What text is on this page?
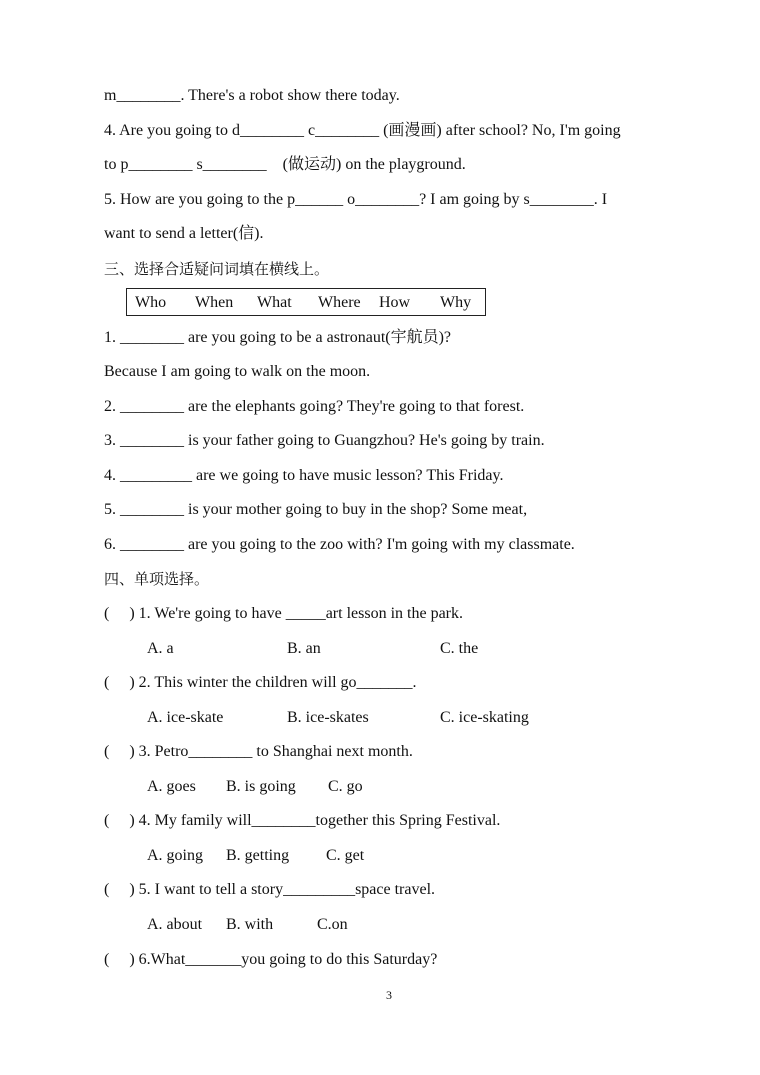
m________. There's a robot show there today.
4. Are you going to d________ c________ (画漫画) after school? No, I'm going
to p________ s________    (做运动) on the playground.
5. How are you going to the p______ o________? I am going by s________. I
want to send a letter(信).
三、选择合适疑问词填在横线上。
Who When What Where How Why
1. ________ are you going to be a astronaut(宇航员)?
Because I am going to walk on the moon.
2. ________ are the elephants going? They're going to that forest.
3. ________ is your father going to Guangzhou? He's going by train.
4. _________ are we going to have music lesson? This Friday.
5. ________ is your mother going to buy in the shop? Some meat,
6. ________ are you going to the zoo with? I'm going with my classmate.
四、单项选择。
(     ) 1. We're going to have _____art lesson in the park.
A. a	B. an	C. the
(     ) 2. This winter the children will go_______.
A. ice-skate	B. ice-skates	C. ice-skating
(     ) 3. Petro________ to Shanghai next month.
A. goes B. is going C. go
(     ) 4. My family will________together this Spring Festival.
A. going B. getting C. get
(     ) 5. I want to tell a story_________space travel.
A. about B. with	C.on
(     ) 6.What_______you going to do this Saturday?
3
